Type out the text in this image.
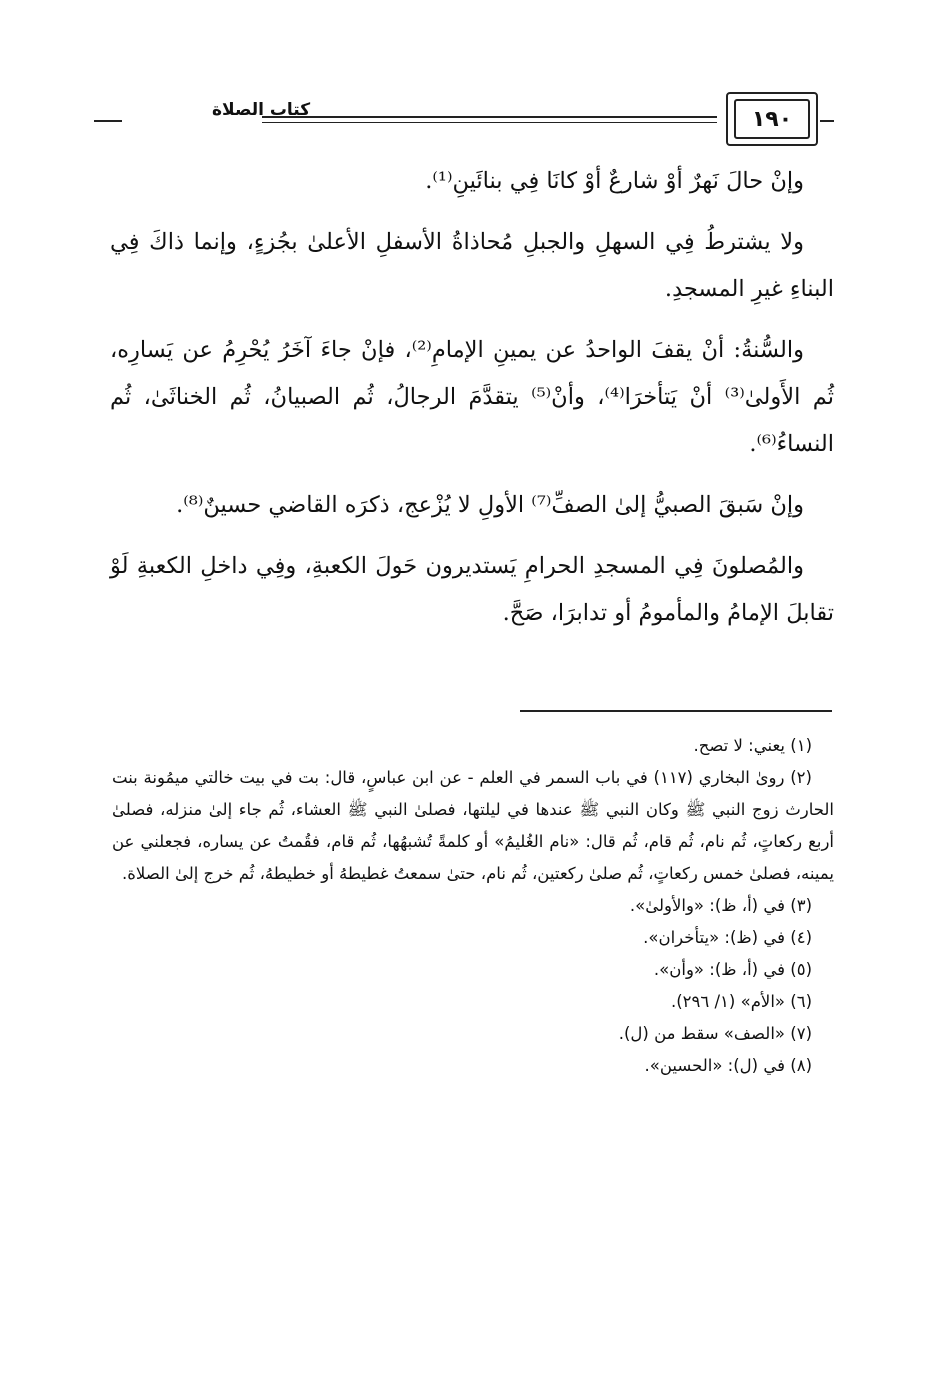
كتاب الصلاة	١٩٠

وإنْ حالَ نَهرٌ أوْ شارعٌ أوْ كانَا فِي بنائَينِ⁽¹⁾.

ولا يشترطُ فِي السهلِ والجبلِ مُحاذاةُ الأسفلِ الأعلىٰ بجُزءٍ، وإنما ذاكَ فِي البناءِ غيرِ المسجدِ.

والسُّنةُ: أنْ يقفَ الواحدُ عن يمينِ الإمامِ⁽²⁾، فإنْ جاءَ آخَرُ يُحْرِمُ عن يَسارِه، ثُم الأَولىٰ⁽³⁾ أنْ يَتأخرَا⁽⁴⁾، وأنْ⁽⁵⁾ يتقدَّمَ الرجالُ، ثُم الصبيانُ، ثُم الخناثَىٰ، ثُم النساءُ⁽⁶⁾.

وإنْ سَبقَ الصبيُّ إلىٰ الصفِّ⁽⁷⁾ الأولِ لا يُزْعج، ذكرَه القاضي حسينٌ⁽⁸⁾.

والمُصلونَ فِي المسجدِ الحرامِ يَستديرون حَولَ الكعبةِ، وفِي داخلِ الكعبةِ لَوْ تقابلَ الإمامُ والمأمومُ أو تدابرَا، صَحَّ.

(١) يعني: لا تصح.

(٢) روىٰ البخاري (١١٧) في باب السمر في العلم - عن ابن عباسٍ، قال: بت في بيت خالتي ميمُونة بنت الحارث زوج النبي ﷺ وكان النبي ﷺ عندها في ليلتها، فصلىٰ النبي ﷺ العشاء، ثُم جاء إلىٰ منزله، فصلىٰ أربع ركعاتٍ، ثُم نام، ثُم قام، ثُم قال: «نام الغُليمُ» أو كلمةً تُشبهُها، ثُم قام، فقُمتُ عن يساره، فجعلني عن يمينه، فصلىٰ خمس ركعاتٍ، ثُم صلىٰ ركعتين، ثُم نام، حتىٰ سمعتُ غطيطهُ أو خطيطهُ، ثُم خرج إلىٰ الصلاة.

(٣) في (أ، ظ): «والأولىٰ».

(٤) في (ظ): «يتأخران».

(٥) في (أ، ظ): «وأن».

(٦) «الأم» (١/ ٢٩٦).

(٧) «الصف» سقط من (ل).

(٨) في (ل): «الحسين».
